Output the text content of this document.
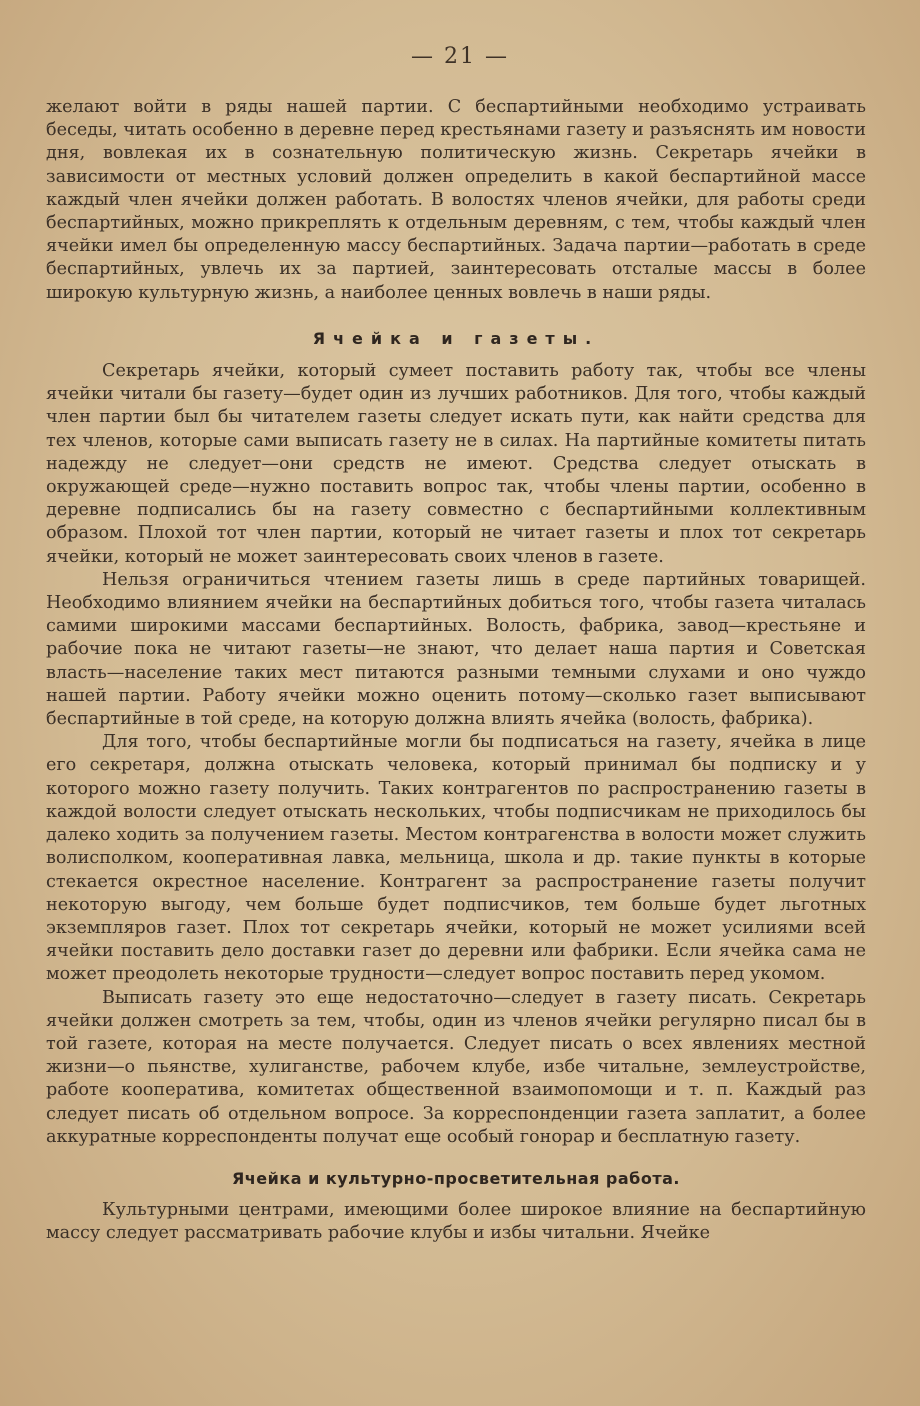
— 21 —

желают войти в ряды нашей партии. С беспартийными необходимо устраивать беседы, читать особенно в деревне перед крестьянами газету и разъяснять им новости дня, вовлекая их в сознательную политическую жизнь. Секретарь ячейки в зависимости от местных условий должен определить в какой беспартийной массе каждый член ячейки должен работать. В волостях членов ячейки, для работы среди беспартийных, можно прикреплять к отдельным деревням, с тем, чтобы каждый член ячейки имел бы определенную массу беспартийных. Задача партии—работать в среде беспартийных, увлечь их за партией, заинтересовать отсталые массы в более широкую культурную жизнь, а наиболее ценных вовлечь в наши ряды.

Ячейка и газеты.

Секретарь ячейки, который сумеет поставить работу так, чтобы все члены ячейки читали бы газету—будет один из лучших работников. Для того, чтобы каждый член партии был бы читателем газеты следует искать пути, как найти средства для тех членов, которые сами выписать газету не в силах. На партийные комитеты питать надежду не следует—они средств не имеют. Средства следует отыскать в окружающей среде—нужно поставить вопрос так, чтобы члены партии, особенно в деревне подписались бы на газету совместно с беспартийными коллективным образом. Плохой тот член партии, который не читает газеты и плох тот секретарь ячейки, который не может заинтересовать своих членов в газете.

Нельзя ограничиться чтением газеты лишь в среде партийных товарищей. Необходимо влиянием ячейки на беспартийных добиться того, чтобы газета читалась самими широкими массами беспартийных. Волость, фабрика, завод—крестьяне и рабочие пока не читают газеты—не знают, что делает наша партия и Советская власть—население таких мест питаются разными темными слухами и оно чуждо нашей партии. Работу ячейки можно оценить потому—сколько газет выписывают беспартийные в той среде, на которую должна влиять ячейка (волость, фабрика).

Для того, чтобы беспартийные могли бы подписаться на газету, ячейка в лице его секретаря, должна отыскать человека, который принимал бы подписку и у которого можно газету получить. Таких контрагентов по распространению газеты в каждой волости следует отыскать нескольких, чтобы подписчикам не приходилось бы далеко ходить за получением газеты. Местом контрагенства в волости может служить волисполком, кооперативная лавка, мельница, школа и др. такие пункты в которые стекается окрестное население. Контрагент за распространение газеты получит некоторую выгоду, чем больше будет подписчиков, тем больше будет льготных экземпляров газет. Плох тот секретарь ячейки, который не может усилиями всей ячейки поставить дело доставки газет до деревни или фабрики. Если ячейка сама не может преодолеть некоторые трудности—следует вопрос поставить перед укомом.

Выписать газету это еще недостаточно—следует в газету писать. Секретарь ячейки должен смотреть за тем, чтобы, один из членов ячейки регулярно писал бы в той газете, которая на месте получается. Следует писать о всех явлениях местной жизни—о пьянстве, хулиганстве, рабочем клубе, избе читальне, землеустройстве, работе кооператива, комитетах общественной взаимопомощи и т. п. Каждый раз следует писать об отдельном вопросе. За корреспонденции газета заплатит, а более аккуратные корреспонденты получат еще особый гонорар и бесплатную газету.

Ячейка и культурно-просветительная работа.

Культурными центрами, имеющими более широкое влияние на беспартийную массу следует рассматривать рабочие клубы и избы читальни. Ячейке
